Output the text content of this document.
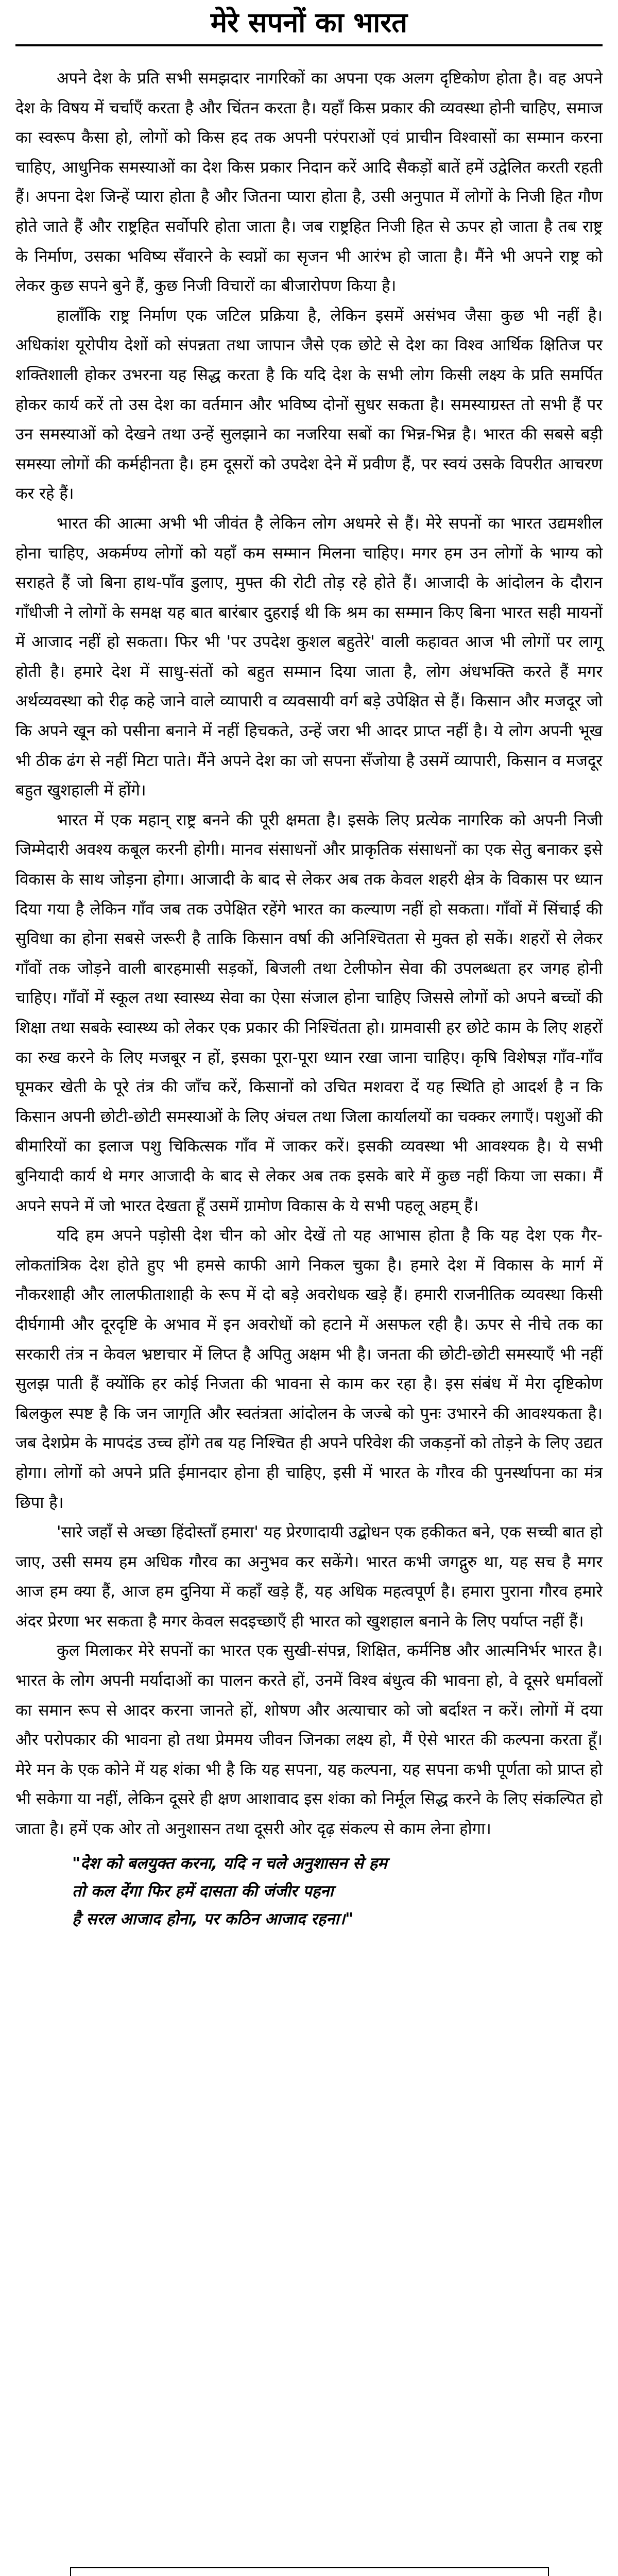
मेरे सपनों का भारत

अपने देश के प्रति सभी समझदार नागरिकों का अपना एक अलग दृष्टिकोण होता है। वह अपने देश के विषय में चर्चाएँ करता है और चिंतन करता है। यहाँ किस प्रकार की व्यवस्था होनी चाहिए, समाज का स्वरूप कैसा हो, लोगों को किस हद तक अपनी परंपराओं एवं प्राचीन विश्वासों का सम्मान करना चाहिए, आधुनिक समस्याओं का देश किस प्रकार निदान करें आदि सैकड़ों बातें हमें उद्वेलित करती रहती हैं। अपना देश जिन्हें प्यारा होता है और जितना प्यारा होता है, उसी अनुपात में लोगों के निजी हित गौण होते जाते हैं और राष्ट्रहित सर्वोपरि होता जाता है। जब राष्ट्रहित निजी हित से ऊपर हो जाता है तब राष्ट्र के निर्माण, उसका भविष्य सँवारने के स्वप्नों का सृजन भी आरंभ हो जाता है। मैंने भी अपने राष्ट्र को लेकर कुछ सपने बुने हैं, कुछ निजी विचारों का बीजारोपण किया है।

हालाँकि राष्ट्र निर्माण एक जटिल प्रक्रिया है, लेकिन इसमें असंभव जैसा कुछ भी नहीं है। अधिकांश यूरोपीय देशों को संपन्नता तथा जापान जैसे एक छोटे से देश का विश्व आर्थिक क्षितिज पर शक्तिशाली होकर उभरना यह सिद्ध करता है कि यदि देश के सभी लोग किसी लक्ष्य के प्रति समर्पित होकर कार्य करें तो उस देश का वर्तमान और भविष्य दोनों सुधर सकता है। समस्याग्रस्त तो सभी हैं पर उन समस्याओं को देखने तथा उन्हें सुलझाने का नजरिया सबों का भिन्न-भिन्न है। भारत की सबसे बड़ी समस्या लोगों की कर्महीनता है। हम दूसरों को उपदेश देने में प्रवीण हैं, पर स्वयं उसके विपरीत आचरण कर रहे हैं।

भारत की आत्मा अभी भी जीवंत है लेकिन लोग अधमरे से हैं। मेरे सपनों का भारत उद्यमशील होना चाहिए, अकर्मण्य लोगों को यहाँ कम सम्मान मिलना चाहिए। मगर हम उन लोगों के भाग्य को सराहते हैं जो बिना हाथ-पाँव डुलाए, मुफ्त की रोटी तोड़ रहे होते हैं। आजादी के आंदोलन के दौरान गाँधीजी ने लोगों के समक्ष यह बात बारंबार दुहराई थी कि श्रम का सम्मान किए बिना भारत सही मायनों में आजाद नहीं हो सकता। फिर भी 'पर उपदेश कुशल बहुतेरे' वाली कहावत आज भी लोगों पर लागू होती है। हमारे देश में साधु-संतों को बहुत सम्मान दिया जाता है, लोग अंधभक्ति करते हैं मगर अर्थव्यवस्था को रीढ़ कहे जाने वाले व्यापारी व व्यवसायी वर्ग बड़े उपेक्षित से हैं। किसान और मजदूर जो कि अपने खून को पसीना बनाने में नहीं हिचकते, उन्हें जरा भी आदर प्राप्त नहीं है। ये लोग अपनी भूख भी ठीक ढंग से नहीं मिटा पाते। मैंने अपने देश का जो सपना सँजोया है उसमें व्यापारी, किसान व मजदूर बहुत खुशहाली में होंगे।

भारत में एक महान् राष्ट्र बनने की पूरी क्षमता है। इसके लिए प्रत्येक नागरिक को अपनी निजी जिम्मेदारी अवश्य कबूल करनी होगी। मानव संसाधनों और प्राकृतिक संसाधनों का एक सेतु बनाकर इसे विकास के साथ जोड़ना होगा। आजादी के बाद से लेकर अब तक केवल शहरी क्षेत्र के विकास पर ध्यान दिया गया है लेकिन गाँव जब तक उपेक्षित रहेंगे भारत का कल्याण नहीं हो सकता। गाँवों में सिंचाई की सुविधा का होना सबसे जरूरी है ताकि किसान वर्षा की अनिश्चितता से मुक्त हो सकें। शहरों से लेकर गाँवों तक जोड़ने वाली बारहमासी सड़कों, बिजली तथा टेलीफोन सेवा की उपलब्धता हर जगह होनी चाहिए। गाँवों में स्कूल तथा स्वास्थ्य सेवा का ऐसा संजाल होना चाहिए जिससे लोगों को अपने बच्चों की शिक्षा तथा सबके स्वास्थ्य को लेकर एक प्रकार की निश्चिंतता हो। ग्रामवासी हर छोटे काम के लिए शहरों का रुख करने के लिए मजबूर न हों, इसका पूरा-पूरा ध्यान रखा जाना चाहिए। कृषि विशेषज्ञ गाँव-गाँव घूमकर खेती के पूरे तंत्र की जाँच करें, किसानों को उचित मशवरा दें यह स्थिति हो आदर्श है न कि किसान अपनी छोटी-छोटी समस्याओं के लिए अंचल तथा जिला कार्यालयों का चक्कर लगाएँ। पशुओं की बीमारियों का इलाज पशु चिकित्सक गाँव में जाकर करें। इसकी व्यवस्था भी आवश्यक है। ये सभी बुनियादी कार्य थे मगर आजादी के बाद से लेकर अब तक इसके बारे में कुछ नहीं किया जा सका। मैं अपने सपने में जो भारत देखता हूँ उसमें ग्रामोण विकास के ये सभी पहलू अहम् हैं।

यदि हम अपने पड़ोसी देश चीन को ओर देखें तो यह आभास होता है कि यह देश एक गैर-लोकतांत्रिक देश होते हुए भी हमसे काफी आगे निकल चुका है। हमारे देश में विकास के मार्ग में नौकरशाही और लालफीताशाही के रूप में दो बड़े अवरोधक खड़े हैं। हमारी राजनीतिक व्यवस्था किसी दीर्घगामी और दूरदृष्टि के अभाव में इन अवरोधों को हटाने में असफल रही है। ऊपर से नीचे तक का सरकारी तंत्र न केवल भ्रष्टाचार में लिप्त है अपितु अक्षम भी है। जनता की छोटी-छोटी समस्याएँ भी नहीं सुलझ पाती हैं क्योंकि हर कोई निजता की भावना से काम कर रहा है। इस संबंध में मेरा दृष्टिकोण बिलकुल स्पष्ट है कि जन जागृति और स्वतंत्रता आंदोलन के जज्बे को पुनः उभारने की आवश्यकता है। जब देशप्रेम के मापदंड उच्च होंगे तब यह निश्चित ही अपने परिवेश की जकड़नों को तोड़ने के लिए उद्यत होगा। लोगों को अपने प्रति ईमानदार होना ही चाहिए, इसी में भारत के गौरव की पुनर्स्थापना का मंत्र छिपा है।

'सारे जहाँ से अच्छा हिंदोस्ताँ हमारा' यह प्रेरणादायी उद्बोधन एक हकीकत बने, एक सच्ची बात हो जाए, उसी समय हम अधिक गौरव का अनुभव कर सकेंगे। भारत कभी जगद्गुरु था, यह सच है मगर आज हम क्या हैं, आज हम दुनिया में कहाँ खड़े हैं, यह अधिक महत्वपूर्ण है। हमारा पुराना गौरव हमारे अंदर प्रेरणा भर सकता है मगर केवल सदइच्छाएँ ही भारत को खुशहाल बनाने के लिए पर्याप्त नहीं हैं।

कुल मिलाकर मेरे सपनों का भारत एक सुखी-संपन्न, शिक्षित, कर्मनिष्ठ और आत्मनिर्भर भारत है। भारत के लोग अपनी मर्यादाओं का पालन करते हों, उनमें विश्व बंधुत्व की भावना हो, वे दूसरे धर्मावलों का समान रूप से आदर करना जानते हों, शोषण और अत्याचार को जो बर्दाश्त न करें। लोगों में दया और परोपकार की भावना हो तथा प्रेममय जीवन जिनका लक्ष्य हो, मैं ऐसे भारत की कल्पना करता हूँ। मेरे मन के एक कोने में यह शंका भी है कि यह सपना, यह कल्पना, यह सपना कभी पूर्णता को प्राप्त हो भी सकेगा या नहीं, लेकिन दूसरे ही क्षण आशावाद इस शंका को निर्मूल सिद्ध करने के लिए संकल्पित हो जाता है। हमें एक ओर तो अनुशासन तथा दूसरी ओर दृढ़ संकल्प से काम लेना होगा।

"देश को बलयुक्त करना, यदि न चले अनुशासन से हम
तो कल देंगा फिर हमें दासता की जंजीर पहना
है सरल आजाद होना, पर कठिन आजाद रहना।"
